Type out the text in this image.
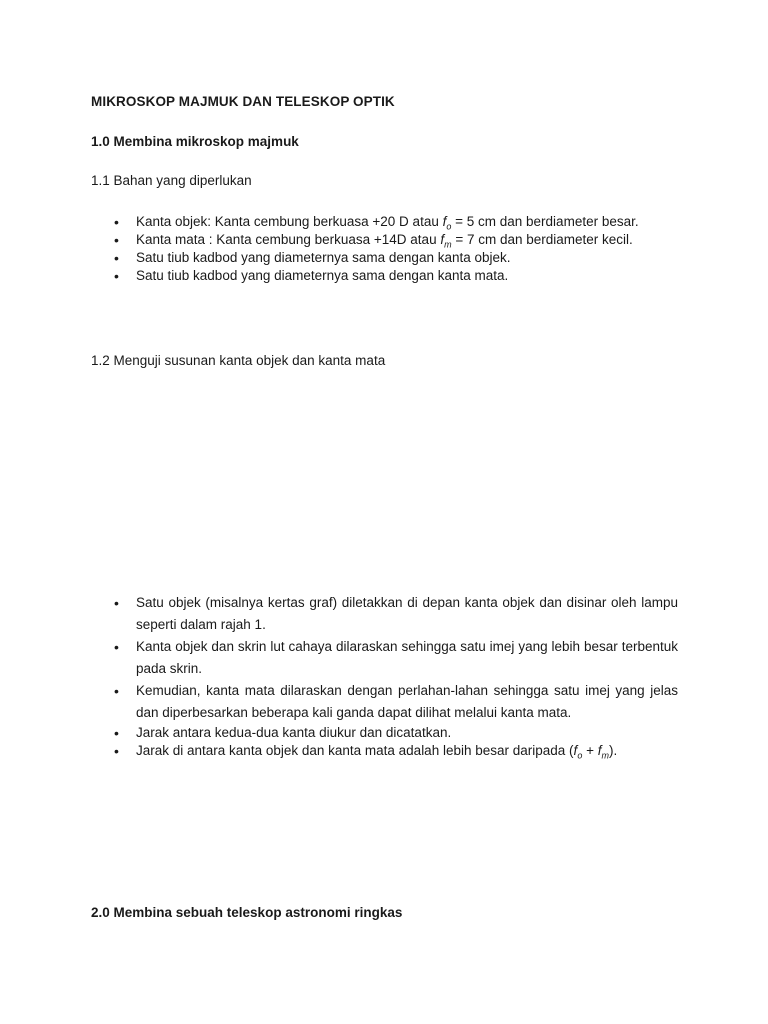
MIKROSKOP MAJMUK DAN TELESKOP OPTIK
1.0 Membina mikroskop majmuk
1.1 Bahan yang diperlukan
• Kanta objek: Kanta cembung berkuasa +20 D atau $f_o = 5$ cm dan berdiameter besar.
• Kanta mata : Kanta cembung berkuasa +14D atau $f_m = 7$ cm dan berdiameter kecil.
• Satu tiub kadbod yang diameternya sama dengan kanta objek.
• Satu tiub kadbod yang diameternya sama dengan kanta mata.
1.2 Menguji susunan kanta objek dan kanta mata
• Satu objek (misalnya kertas graf) diletakkan di depan kanta objek dan disinar oleh lampu seperti dalam rajah 1.
• Kanta objek dan skrin lut cahaya dilaraskan sehingga satu imej yang lebih besar terbentuk pada skrin.
• Kemudian, kanta mata dilaraskan dengan perlahan-lahan sehingga satu imej yang jelas dan diperbesarkan beberapa kali ganda dapat dilihat melalui kanta mata.
• Jarak antara kedua-dua kanta diukur dan dicatatkan.
• Jarak di antara kanta objek dan kanta mata adalah lebih besar daripada $(f_o + f_m)$.
2.0 Membina sebuah teleskop astronomi ringkas
